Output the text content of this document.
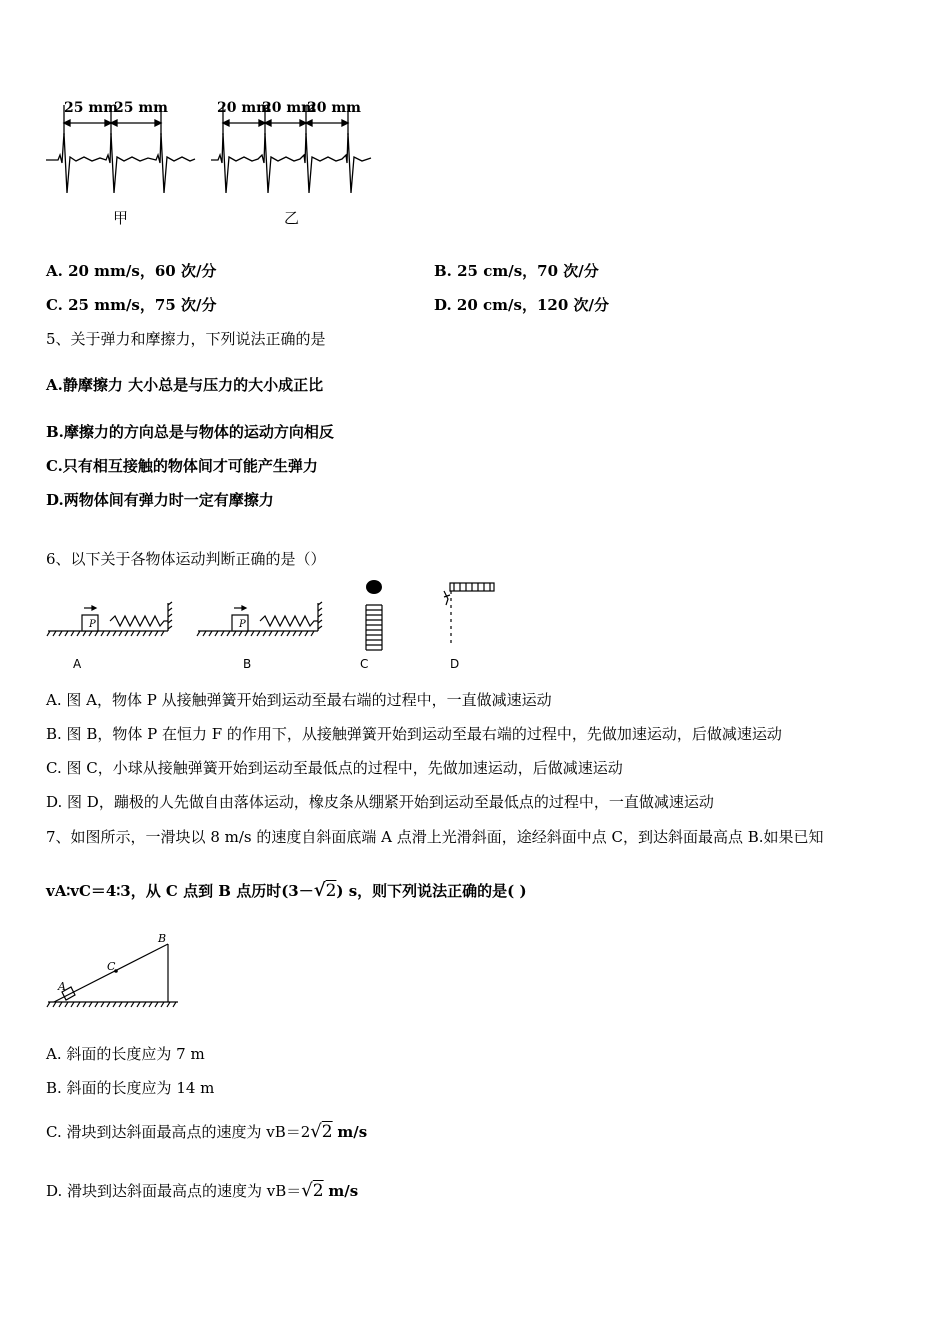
25 mm
25 mm	20 mm
20 mm
20 mm
甲	乙
A. 20 mm/s，60 次/分	B. 25 cm/s，70 次/分
C. 25 mm/s，75 次/分	D. 20 cm/s，120 次/分
5、关于弹力和摩擦力，下列说法正确的是
A.静摩擦力 大小总是与压力的大小成正比
B.摩擦力的方向总是与物体的运动方向相反
C.只有相互接触的物体间才可能产生弹力
D.两物体间有弹力时一定有摩擦力
6、以下关于各物体运动判断正确的是（）
P	P
A	B	C	D
A. 图 A，物体 P 从接触弹簧开始到运动至最右端的过程中，一直做减速运动
B. 图 B，物体 P 在恒力 F 的作用下，从接触弹簧开始到运动至最右端的过程中，先做加速运动，后做减速运动
C. 图 C，小球从接触弹簧开始到运动至最低点的过程中，先做加速运动，后做减速运动
D. 图 D，蹦极的人先做自由落体运动，橡皮条从绷紧开始到运动至最低点的过程中，一直做减速运动
7、如图所示，一滑块以 8 m/s 的速度自斜面底端 A 点滑上光滑斜面，途经斜面中点 C，到达斜面最高点 B.如果已知
vA∶vC＝4∶3，从 C 点到 B 点历时(3－√2) s，则下列说法正确的是( )
A
C
B
A. 斜面的长度应为 7 m
B. 斜面的长度应为 14 m
C. 滑块到达斜面最高点的速度为 vB＝2√2 m/s
D. 滑块到达斜面最高点的速度为 vB＝√2 m/s
